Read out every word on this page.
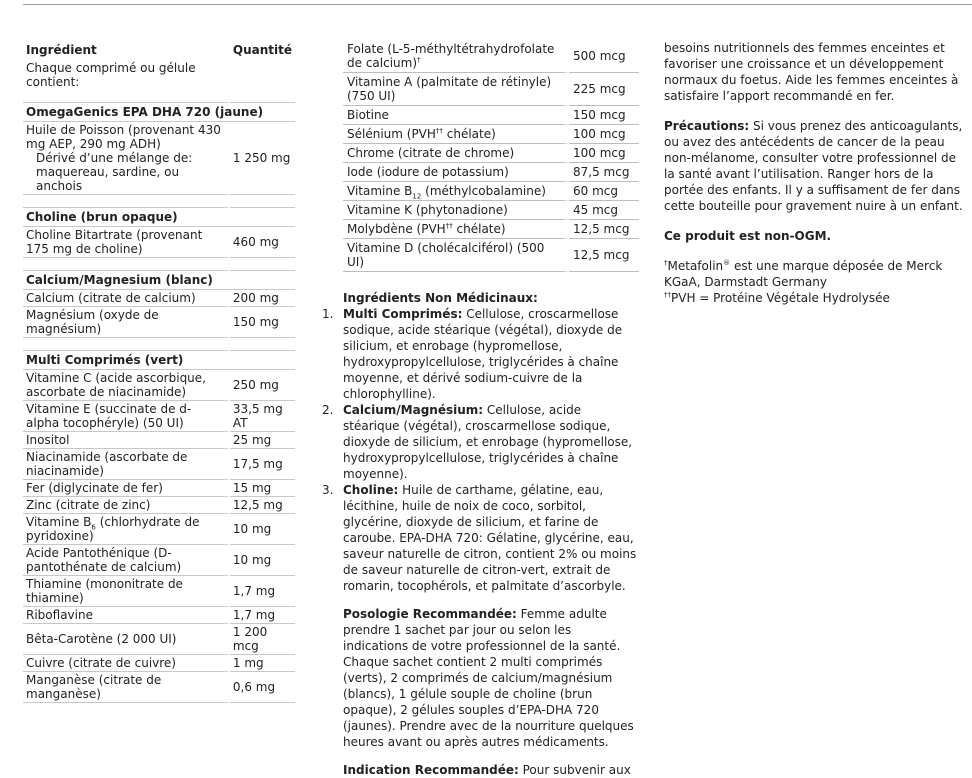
Ingrédient	Quantité
Chaque comprimé ou gélule contient:	

OmegaGenics EPA DHA 720 (jaune)	

Huile de Poisson (provenant 430 mg AEP, 290 mg ADH)
Dérivé d’une mélange de: maquereau, sardine, ou anchois	1 250 mg

Choline (brun opaque)	
Choline Bitartrate (provenant 175 mg de choline)	460 mg

Calcium/Magnesium (blanc)	
Calcium (citrate de calcium)	200 mg
Magnésium (oxyde de magnésium)	150 mg

Multi Comprimés (vert)	
Vitamine C (acide ascorbique, ascorbate de niacinamide)	250 mg
Vitamine E (succinate de d-alpha tocophéryle) (50 UI)	33,5 mg AT
Inositol	25 mg
Niacinamide (ascorbate de niacinamide)	17,5 mg
Fer (diglycinate de fer)	15 mg
Zinc (citrate de zinc)	12,5 mg
Vitamine $B_6$ (chlorhydrate de pyridoxine)	10 mg
Acide Pantothénique (D-pantothénate de calcium)	10 mg
Thiamine (mononitrate de thiamine)	1,7 mg
Riboflavine	1,7 mg
Bêta-Carotène (2 000 UI)	1 200 mcg
Cuivre (citrate de cuivre)	1 mg
Manganèse (citrate de manganèse)	0,6 mg
Folate (L-5-méthyltétrahydrofolate de calcium)†	500 mcg
Vitamine A (palmitate de rétinyle) (750 UI)	225 mcg
Biotine	150 mcg
Sélénium (PVH†† chélate)	100 mcg
Chrome (citrate de chrome)	100 mcg
Iode (iodure de potassium)	87,5 mcg
Vitamine $B_{12}$ (méthylcobalamine)	60 mcg
Vitamine K (phytonadione)	45 mcg
Molybdène (PVH†† chélate)	12,5 mcg
Vitamine D (cholécalciférol) (500 UI)	12,5 mcg
Ingrédients Non Médicinaux:
1. Multi Comprimés: Cellulose, croscarmellose sodique, acide stéarique (végétal), dioxyde de silicium, et enrobage (hypromellose, hydroxypropylcellulose, triglycérides à chaîne moyenne, et dérivé sodium-cuivre de la chlorophylline).
2. Calcium/Magnésium: Cellulose, acide stéarique (végétal), croscarmellose sodique, dioxyde de silicium, et enrobage (hypromellose, hydroxypropylcellulose, triglycérides à chaîne moyenne).
3. Choline: Huile de carthame, gélatine, eau, lécithine, huile de noix de coco, sorbitol, glycérine, dioxyde de silicium, et farine de caroube. EPA-DHA 720: Gélatine, glycérine, eau, saveur naturelle de citron, contient 2% ou moins de saveur naturelle de citron-vert, extrait de romarin, tocophérols, et palmitate d’ascorbyle.

Posologie Recommandée: Femme adulte prendre 1 sachet par jour ou selon les indications de votre professionnel de la santé. Chaque sachet contient 2 multi comprimés (verts), 2 comprimés de calcium/magnésium (blancs), 1 gélule souple de choline (brun opaque), 2 gélules souples d’EPA-DHA 720 (jaunes). Prendre avec de la nourriture quelques heures avant ou après autres médicaments.

Indication Recommandée: Pour subvenir aux

besoins nutritionnels des femmes enceintes et favoriser une croissance et un développement normaux du foetus. Aide les femmes enceintes à satisfaire l’apport recommandé en fer.

Précautions: Si vous prenez des anticoagulants, ou avez des antécédents de cancer de la peau non-mélanome, consulter votre professionnel de la santé avant l’utilisation. Ranger hors de la portée des enfants. Il y a suffisament de fer dans cette bouteille pour gravement nuire à un enfant.

Ce produit est non-OGM.

†Metafolin® est une marque déposée de Merck KGaA, Darmstadt Germany

††PVH = Protéine Végétale Hydrolysée
